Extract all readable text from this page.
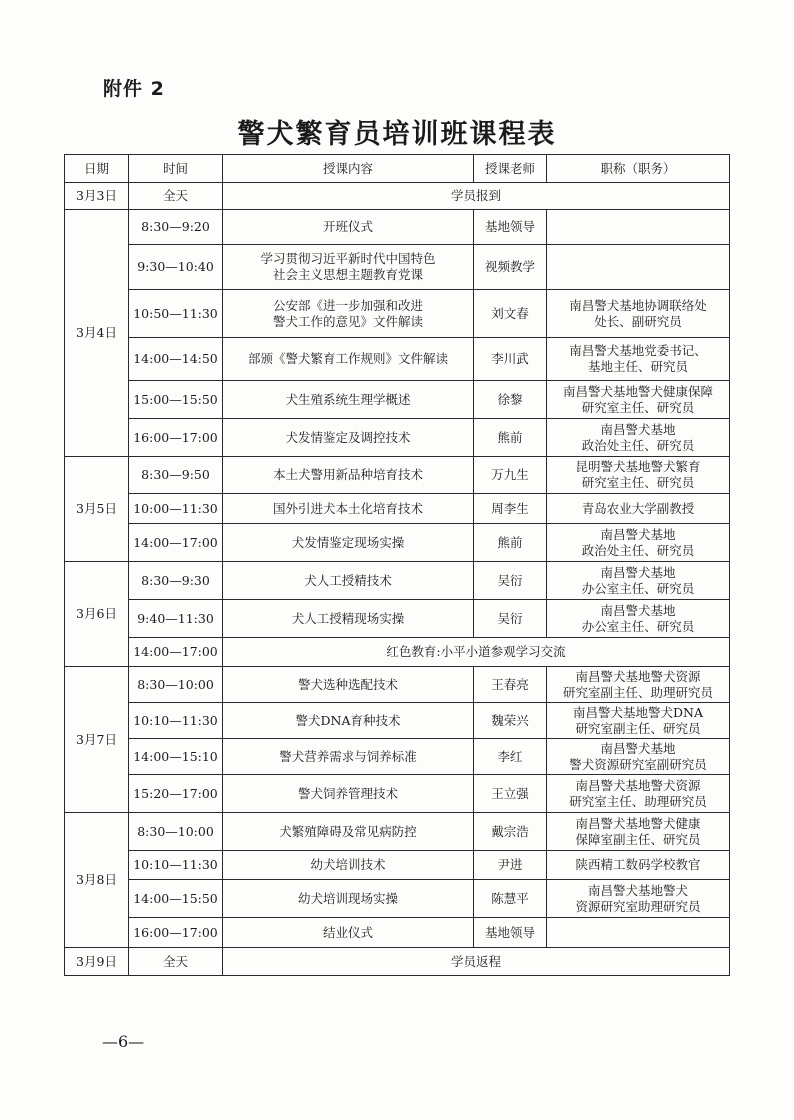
附件 2
警犬繁育员培训班课程表
日期	时间	授课内容	授课老师	职称（职务）
3月3日	全天	学员报到		
3月4日	8:30—9:20	开班仪式	基地领导	
	9:30—10:40	学习贯彻习近平新时代中国特色
社会主义思想主题教育党课	视频教学	
	10:50—11:30	公安部《进一步加强和改进
警犬工作的意见》文件解读	刘文春	南昌警犬基地协调联络处
处长、副研究员

	14:00—14:50	部颁《警犬繁育工作规则》文件解读	李川武	南昌警犬基地党委书记、
基地主任、研究员

	15:00—15:50	犬生殖系统生理学概述	徐黎	南昌警犬基地警犬健康保障
研究室主任、研究员

	16:00—17:00	犬发情鉴定及调控技术	熊前	南昌警犬基地
政治处主任、研究员

3月5日	8:30—9:50	本土犬警用新品种培育技术	万九生	昆明警犬基地警犬繁育
研究室主任、研究员

	10:00—11:30	国外引进犬本土化培育技术	周李生	青岛农业大学副教授

	14:00—17:00	犬发情鉴定现场实操	熊前	南昌警犬基地
政治处主任、研究员

3月6日	8:30—9:30	犬人工授精技术	吴衍	南昌警犬基地
办公室主任、研究员

	9:40—11:30	犬人工授精现场实操	吴衍	南昌警犬基地
办公室主任、研究员

	14:00—17:00	红色教育:小平小道参观学习交流		
3月7日	8:30—10:00	警犬选种选配技术	王春亮	南昌警犬基地警犬资源
研究室副主任、助理研究员

	10:10—11:30	警犬DNA育种技术	魏荣兴	南昌警犬基地警犬DNA
研究室副主任、研究员

	14:00—15:10	警犬营养需求与饲养标准	李红	南昌警犬基地
警犬资源研究室副研究员

	15:20—17:00	警犬饲养管理技术	王立强	南昌警犬基地警犬资源
研究室主任、助理研究员

3月8日	8:30—10:00	犬繁殖障碍及常见病防控	戴宗浩	南昌警犬基地警犬健康
保障室副主任、研究员

	10:10—11:30	幼犬培训技术	尹进	陕西精工数码学校教官

	14:00—15:50	幼犬培训现场实操	陈慧平	南昌警犬基地警犬
资源研究室助理研究员

	16:00—17:00	结业仪式	基地领导	
3月9日	全天	学员返程		
—6—
